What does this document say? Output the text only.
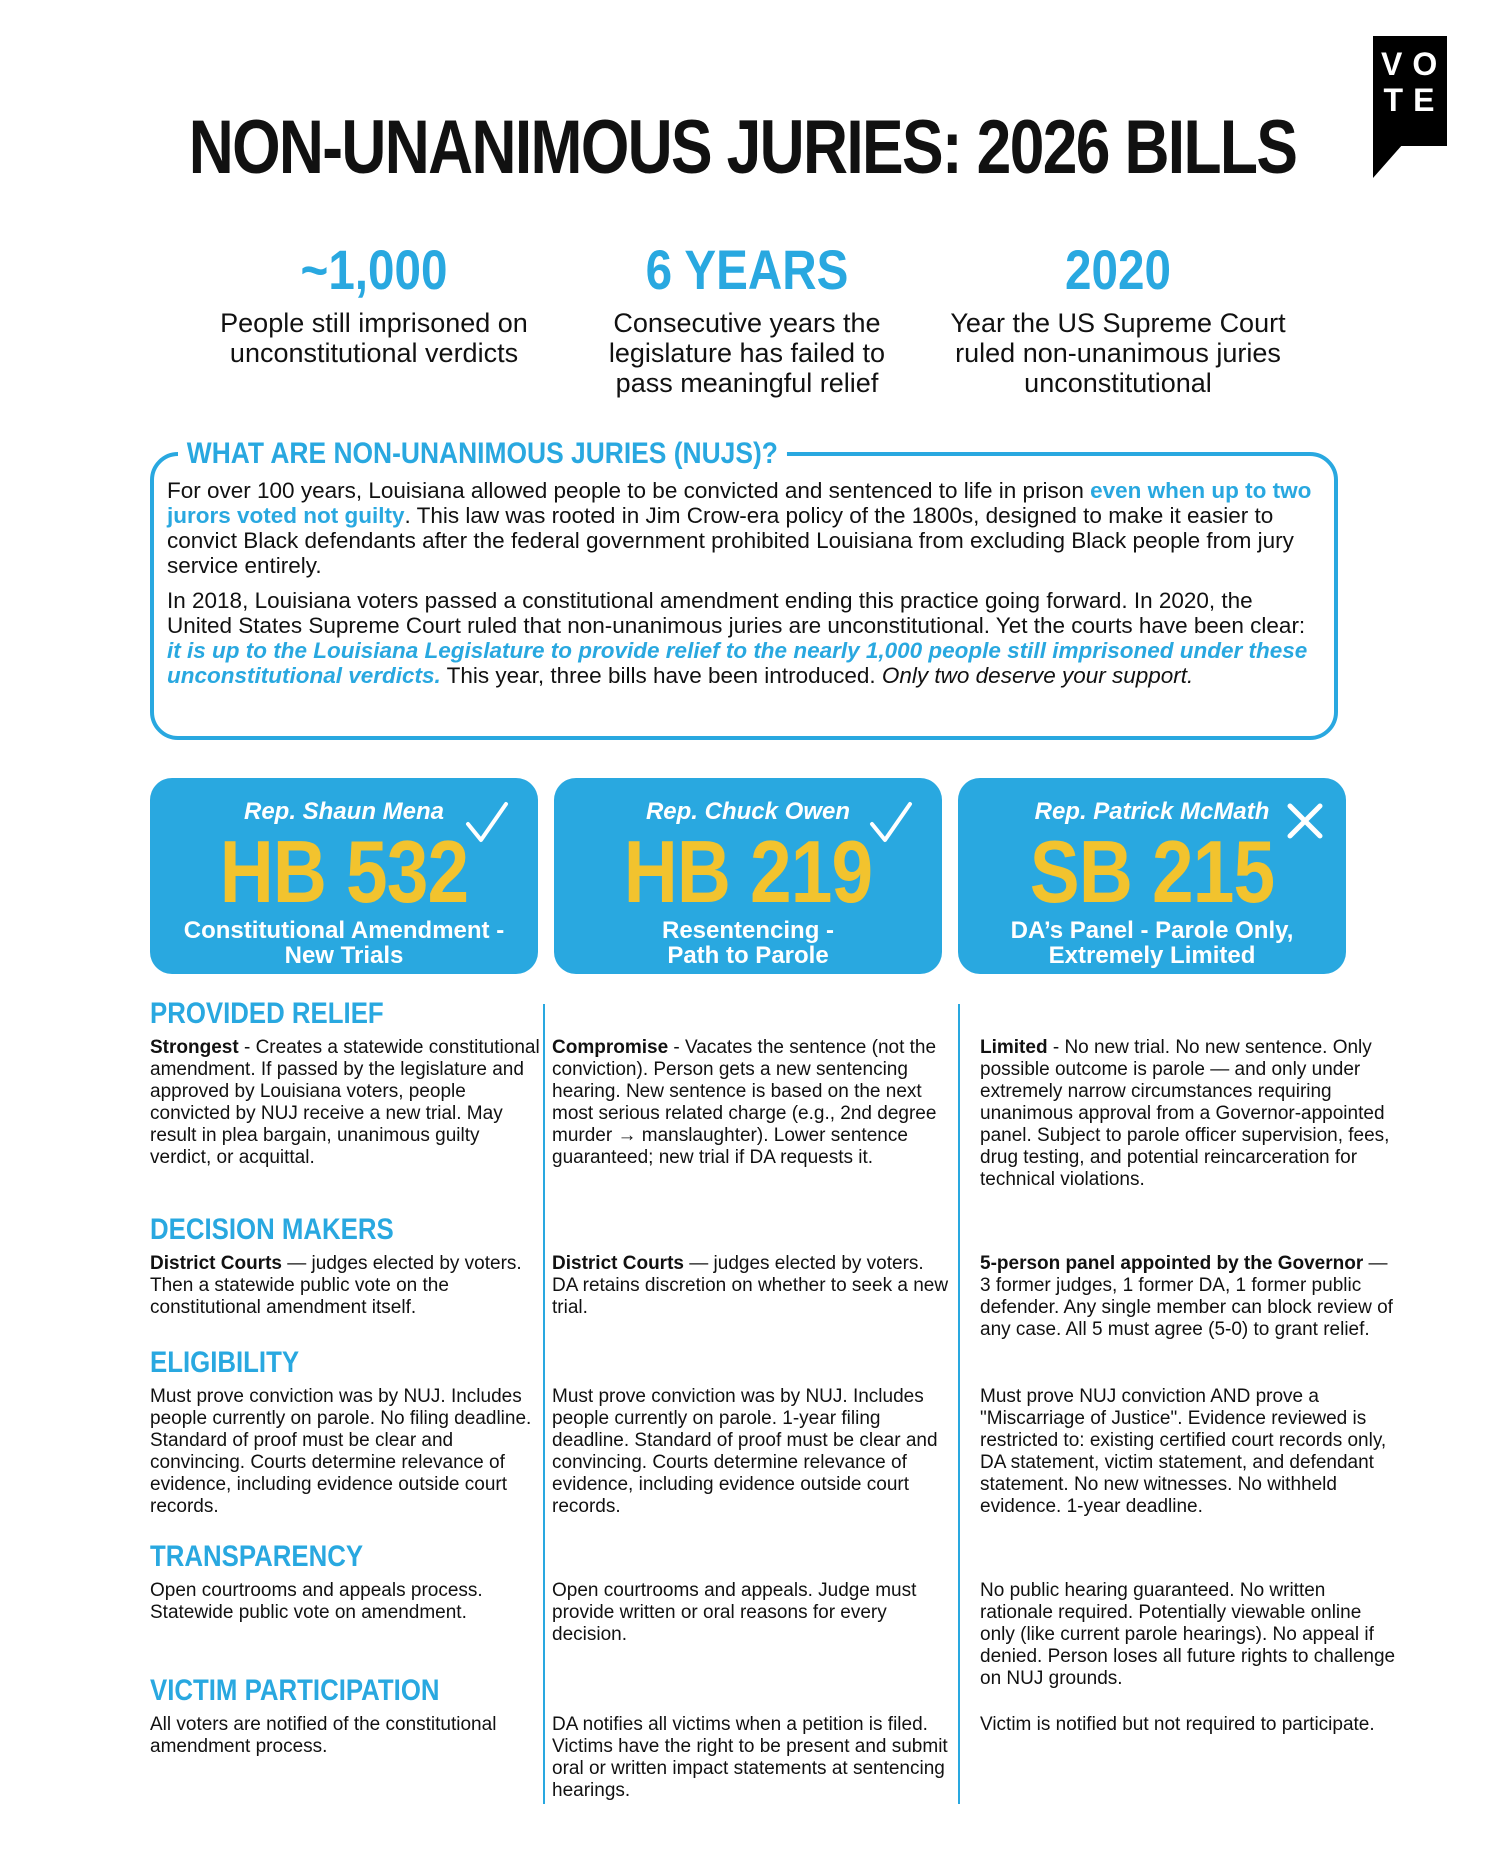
VO
TE
NON-UNANIMOUS JURIES: 2026 BILLS
~1,000
People still imprisoned on unconstitutional verdicts
6 YEARS
Consecutive years the legislature has failed to pass meaningful relief
2020
Year the US Supreme Court ruled non-unanimous juries unconstitutional
WHAT ARE NON-UNANIMOUS JURIES (NUJS)?

For over 100 years, Louisiana allowed people to be convicted and sentenced to life in prison even when up to two jurors voted not guilty. This law was rooted in Jim Crow-era policy of the 1800s, designed to make it easier to convict Black defendants after the federal government prohibited Louisiana from excluding Black people from jury service entirely.

In 2018, Louisiana voters passed a constitutional amendment ending this practice going forward. In 2020, the United States Supreme Court ruled that non-unanimous juries are unconstitutional. Yet the courts have been clear: it is up to the Louisiana Legislature to provide relief to the nearly 1,000 people still imprisoned under these unconstitutional verdicts. This year, three bills have been introduced. Only two deserve your support.

Rep. Shaun Mena
HB 532
Constitutional Amendment -
New Trials
Rep. Chuck Owen
HB 219
Resentencing -
Path to Parole
Rep. Patrick McMath
SB 215
DA’s Panel - Parole Only,
Extremely Limited
PROVIDED RELIEF
DECISION MAKERS
ELIGIBILITY
TRANSPARENCY
VICTIM PARTICIPATION
Strongest - Creates a statewide constitutional amendment. If passed by the legislature and approved by Louisiana voters, people convicted by NUJ receive a new trial. May result in plea bargain, unanimous guilty verdict, or acquittal.
Compromise - Vacates the sentence (not the conviction). Person gets a new sentencing hearing. New sentence is based on the next most serious related charge (e.g., 2nd degree murder → manslaughter). Lower sentence guaranteed; new trial if DA requests it.
Limited - No new trial. No new sentence. Only possible outcome is parole — and only under extremely narrow circumstances requiring unanimous approval from a Governor-appointed panel. Subject to parole officer supervision, fees, drug testing, and potential reincarceration for technical violations.
District Courts — judges elected by voters. Then a statewide public vote on the constitutional amendment itself.
District Courts — judges elected by voters. DA retains discretion on whether to seek a new trial.
5-person panel appointed by the Governor — 3 former judges, 1 former DA, 1 former public defender. Any single member can block review of any case. All 5 must agree (5-0) to grant relief.
Must prove conviction was by NUJ. Includes people currently on parole. No filing deadline. Standard of proof must be clear and convincing. Courts determine relevance of evidence, including evidence outside court records.
Must prove conviction was by NUJ. Includes people currently on parole. 1-year filing deadline. Standard of proof must be clear and convincing. Courts determine relevance of evidence, including evidence outside court records.
Must prove NUJ conviction AND prove a "Miscarriage of Justice". Evidence reviewed is restricted to: existing certified court records only, DA statement, victim statement, and defendant statement. No new witnesses. No withheld evidence. 1-year deadline.
Open courtrooms and appeals process. Statewide public vote on amendment.
Open courtrooms and appeals. Judge must provide written or oral reasons for every decision.
No public hearing guaranteed. No written rationale required. Potentially viewable online only (like current parole hearings). No appeal if denied. Person loses all future rights to challenge on NUJ grounds.
All voters are notified of the constitutional amendment process.
DA notifies all victims when a petition is filed. Victims have the right to be present and submit oral or written impact statements at sentencing hearings.
Victim is notified but not required to participate.
